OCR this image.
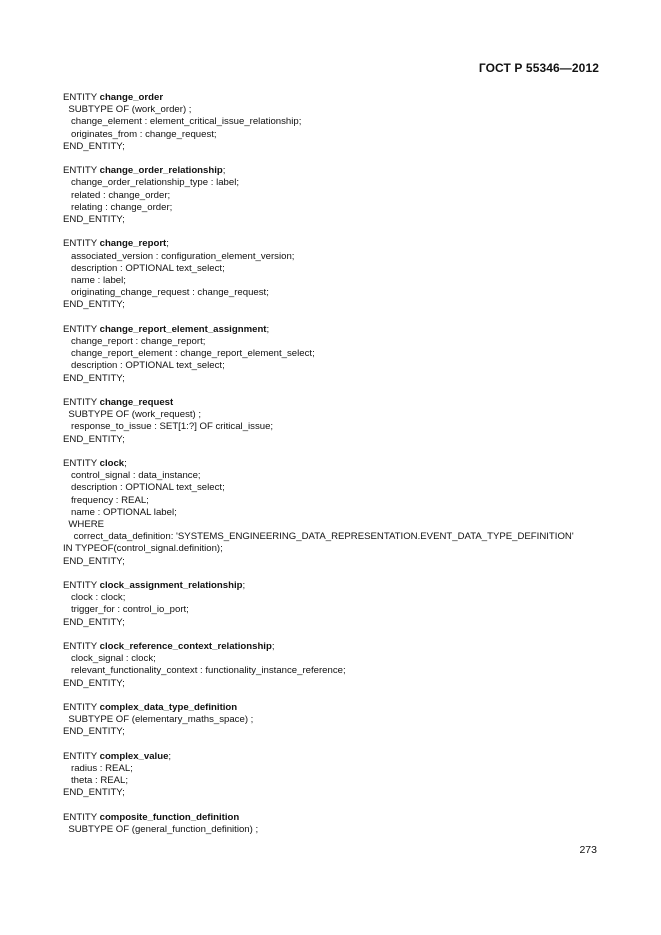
ГОСТ Р 55346—2012
ENTITY change_order
SUBTYPE OF (work_order) ;
change_element : element_critical_issue_relationship;
originates_from : change_request;
END_ENTITY;
ENTITY change_order_relationship;
change_order_relationship_type : label;
related : change_order;
relating : change_order;
END_ENTITY;
ENTITY change_report;
associated_version : configuration_element_version;
description : OPTIONAL text_select;
name : label;
originating_change_request : change_request;
END_ENTITY;
ENTITY change_report_element_assignment;
change_report : change_report;
change_report_element : change_report_element_select;
description : OPTIONAL text_select;
END_ENTITY;
ENTITY change_request
SUBTYPE OF (work_request) ;
response_to_issue : SET[1:?] OF critical_issue;
END_ENTITY;
ENTITY clock;
control_signal : data_instance;
description : OPTIONAL text_select;
frequency : REAL;
name : OPTIONAL label;
WHERE
correct_data_definition: 'SYSTEMS_ENGINEERING_DATA_REPRESENTATION.EVENT_DATA_TYPE_DEFINITION'
IN TYPEOF(control_signal.definition);
END_ENTITY;
ENTITY clock_assignment_relationship;
clock : clock;
trigger_for : control_io_port;
END_ENTITY;
ENTITY clock_reference_context_relationship;
clock_signal : clock;
relevant_functionality_context : functionality_instance_reference;
END_ENTITY;
ENTITY complex_data_type_definition
SUBTYPE OF (elementary_maths_space) ;
END_ENTITY;
ENTITY complex_value;
radius : REAL;
theta : REAL;
END_ENTITY;
ENTITY composite_function_definition
SUBTYPE OF (general_function_definition) ;
273
